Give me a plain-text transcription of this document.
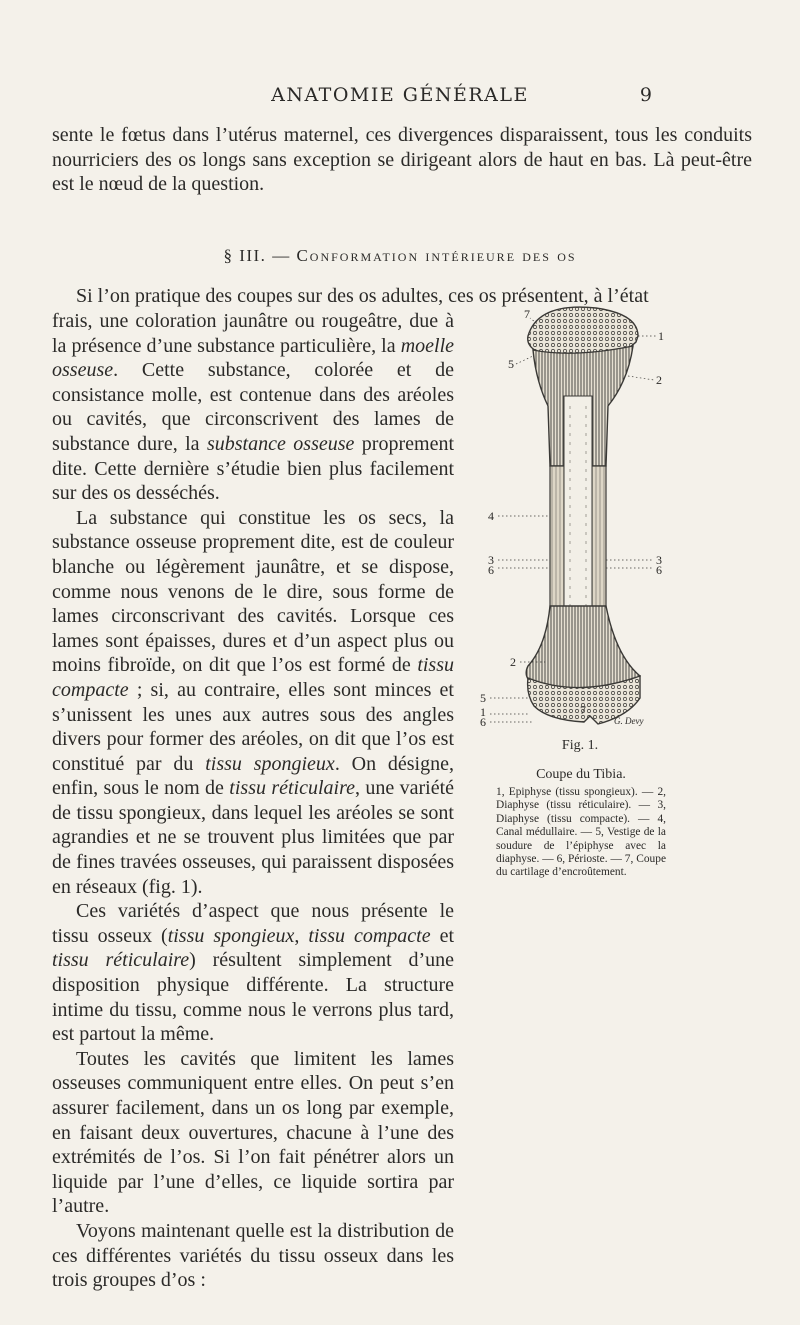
ANATOMIE GÉNÉRALE	9
sente le fœtus dans l’utérus maternel, ces divergences disparaissent, tous les conduits nourriciers des os longs sans exception se dirigeant alors de haut en bas. Là peut-être est le nœud de la question.
§ III. — Conformation intérieure des os
Si l’on pratique des coupes sur des os adultes, ces os présentent, à l’état

frais, une coloration jaunâtre ou rougeâtre, due à la présence d’une substance particulière, la moelle osseuse. Cette substance, colorée et de consistance molle, est contenue dans des aréoles ou cavités, que circonscrivent des lames de substance dure, la substance osseuse proprement dite. Cette dernière s’étudie bien plus facilement sur des os desséchés.

La substance qui constitue les os secs, la substance osseuse proprement dite, est de couleur blanche ou légèrement jaunâtre, et se dispose, comme nous venons de le dire, sous forme de lames circonscrivant des cavités. Lorsque ces lames sont épaisses, dures et d’un aspect plus ou moins fibroïde, on dit que l’os est formé de tissu compacte ; si, au contraire, elles sont minces et s’unissent les unes aux autres sous des angles divers pour former des aréoles, on dit que l’os est constitué par du tissu spongieux. On désigne, enfin, sous le nom de tissu réticulaire, une variété de tissu spongieux, dans lequel les aréoles se sont agrandies et ne se trouvent plus limitées que par de fines travées osseuses, qui paraissent disposées en réseaux (fig. 1).

Ces variétés d’aspect que nous présente le tissu osseux (tissu spongieux, tissu compacte et tissu réticulaire) résultent simplement d’une disposition physique différente. La structure intime du tissu, comme nous le verrons plus tard, est partout la même.

Toutes les cavités que limitent les lames osseuses communiquent entre elles. On peut s’en assurer facilement, dans un os long par exemple, en faisant deux ouvertures, chacune à l’une des extrémités de l’os. Si l’on fait pénétrer alors un liquide par l’une d’elles, ce liquide sortira par l’autre.

Voyons maintenant quelle est la distribution de ces différentes variétés du tissu osseux dans les trois groupes d’os :

7
1
5
2
4
3	3
6	6
2
5
1
6
7
G. Devy
Fig. 1.
Coupe du Tibia.
1, Epiphyse (tissu spongieux). — 2, Diaphyse (tissu réticulaire). — 3, Diaphyse (tissu compacte). — 4, Canal médullaire. — 5, Vestige de la soudure de l’épiphyse avec la diaphyse. — 6, Périoste. — 7, Coupe du cartilage d’encroûtement.
